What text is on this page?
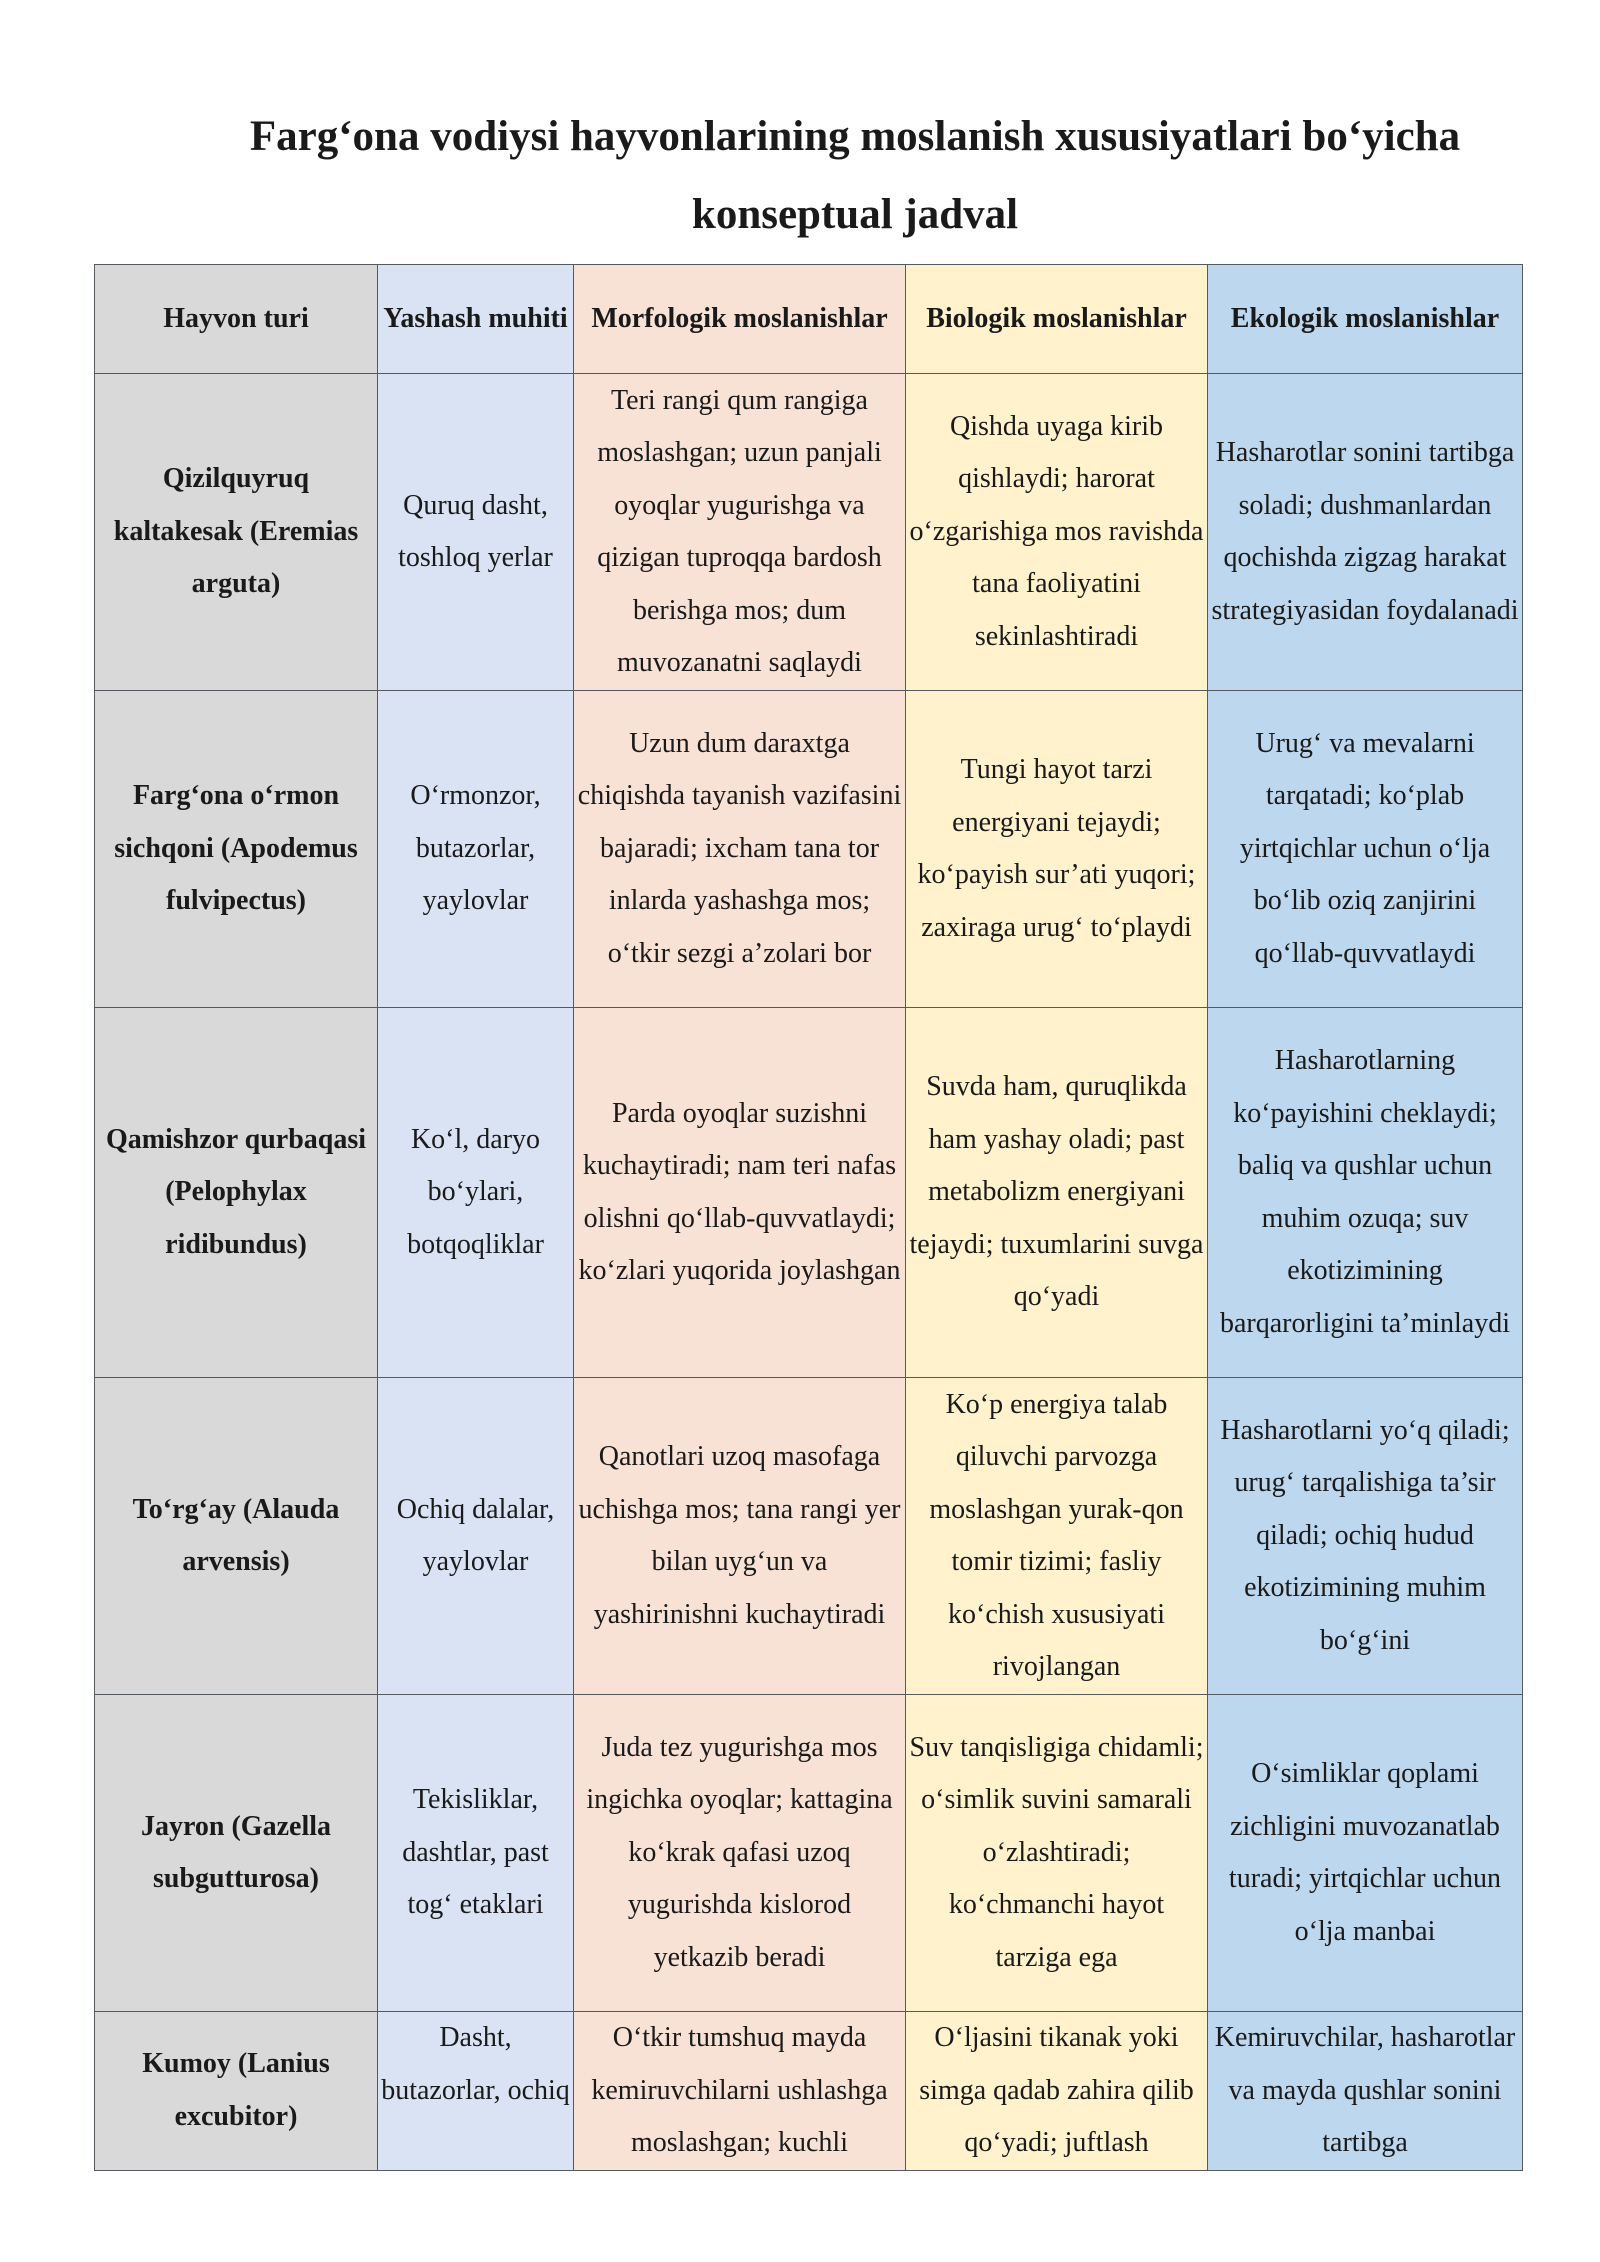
Farg‘ona vodiysi hayvonlarining moslanish xususiyatlari bo‘yicha
konseptual jadval
Hayvon turi	Yashash muhiti	Morfologik moslanishlar	Biologik moslanishlar	Ekologik moslanishlar
Qizilquyruq kaltakesak (Eremias arguta)	Quruq dasht, toshloq yerlar	Teri rangi qum rangiga moslashgan; uzun panjali oyoqlar yugurishga va qizigan tuproqqa bardosh berishga mos; dum muvozanatni saqlaydi	Qishda uyaga kirib qishlaydi; harorat o‘zgarishiga mos ravishda tana faoliyatini sekinlashtiradi	Hasharotlar sonini tartibga soladi; dushmanlardan qochishda zigzag harakat strategiyasidan foydalanadi
Farg‘ona o‘rmon sichqoni (Apodemus fulvipectus)	O‘rmonzor, butazorlar, yaylovlar	Uzun dum daraxtga chiqishda tayanish vazifasini bajaradi; ixcham tana tor inlarda yashashga mos; o‘tkir sezgi a’zolari bor	Tungi hayot tarzi energiyani tejaydi; ko‘payish sur’ati yuqori; zaxiraga urug‘ to‘playdi	Urug‘ va mevalarni tarqatadi; ko‘plab yirtqichlar uchun o‘lja bo‘lib oziq zanjirini qo‘llab-quvvatlaydi
Qamishzor qurbaqasi (Pelophylax ridibundus)	Ko‘l, daryo bo‘ylari, botqoqliklar	Parda oyoqlar suzishni kuchaytiradi; nam teri nafas olishni qo‘llab-quvvatlaydi; ko‘zlari yuqorida joylashgan	Suvda ham, quruqlikda ham yashay oladi; past metabolizm energiyani tejaydi; tuxumlarini suvga qo‘yadi	Hasharotlarning ko‘payishini cheklaydi; baliq va qushlar uchun muhim ozuqa; suv ekotizimining barqarorligini ta’minlaydi
To‘rg‘ay (Alauda arvensis)	Ochiq dalalar, yaylovlar	Qanotlari uzoq masofaga uchishga mos; tana rangi yer bilan uyg‘un va yashirinishni kuchaytiradi	Ko‘p energiya talab qiluvchi parvozga moslashgan yurak-qon tomir tizimi; fasliy ko‘chish xususiyati rivojlangan	Hasharotlarni yo‘q qiladi; urug‘ tarqalishiga ta’sir qiladi; ochiq hudud ekotizimining muhim bo‘g‘ini
Jayron (Gazella subgutturosa)	Tekisliklar, dashtlar, past tog‘ etaklari	Juda tez yugurishga mos ingichka oyoqlar; kattagina ko‘krak qafasi uzoq yugurishda kislorod yetkazib beradi	Suv tanqisligiga chidamli; o‘simlik suvini samarali o‘zlashtiradi; ko‘chmanchi hayot tarziga ega	O‘simliklar qoplami zichligini muvozanatlab turadi; yirtqichlar uchun o‘lja manbai
Kumoy (Lanius excubitor)	Dasht, butazorlar, ochiq	O‘tkir tumshuq mayda kemiruvchilarni ushlashga moslashgan; kuchli	O‘ljasini tikanak yoki simga qadab zahira qilib qo‘yadi; juftlash	Kemiruvchilar, hasharotlar va mayda qushlar sonini tartibga
